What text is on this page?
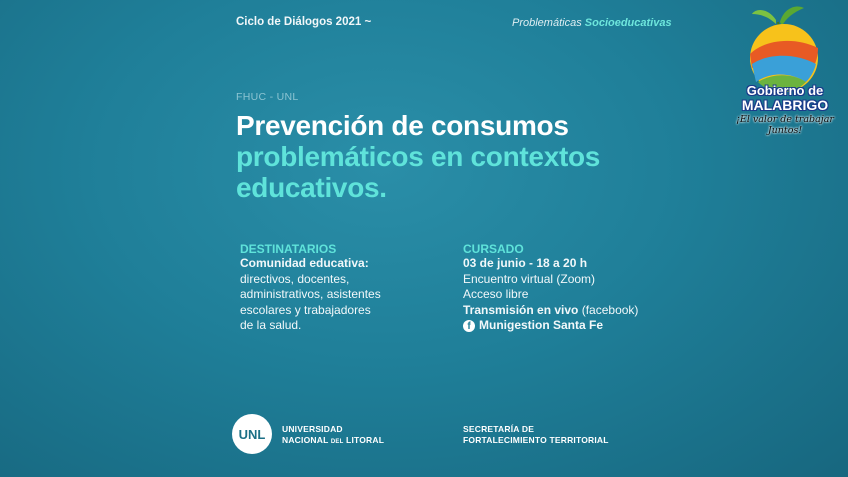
Ciclo de Diálogos 2021 ~	Problemáticas Socioeducativas
FHUC - UNL
Prevención de consumos
problemáticos en contextos
educativos.
DESTINATARIOS
Comunidad educativa:
directivos, docentes,
administrativos, asistentes
escolares y trabajadores
de la salud.
CURSADO
03 de junio - 18 a 20 h
Encuentro virtual (Zoom)
Acceso libre
Transmisión en vivo (facebook)
f Munigestion Santa Fe
UNL	UNIVERSIDAD
NACIONAL DEL LITORAL
SECRETARÍA DE
FORTALECIMIENTO TERRITORIAL
Gobierno de
MALABRIGO
¡El valor de trabajar Juntos!
